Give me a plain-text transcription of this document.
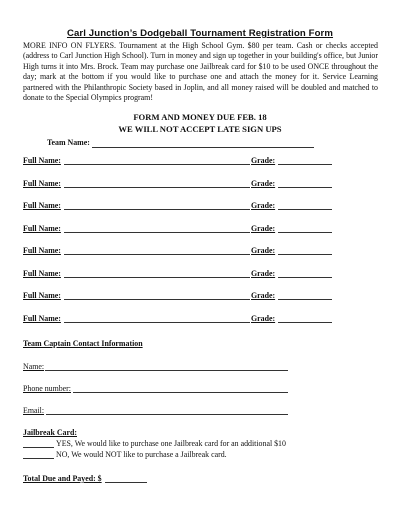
Carl Junction’s Dodgeball Tournament Registration Form

MORE INFO ON FLYERS. Tournament at the High School Gym. $80 per team. Cash or checks accepted (address to Carl Junction High School). Turn in money and sign up together in your building's office, but Junior High turns it into Mrs. Brock. Team may purchase one Jailbreak card for $10 to be used ONCE throughout the day; mark at the bottom if you would like to purchase one and attach the money for it. Service Learning partnered with the Philanthropic Society based in Joplin, and all money raised will be doubled and matched to donate to the Special Olympics program!

FORM AND MONEY DUE FEB. 18
WE WILL NOT ACCEPT LATE SIGN UPS
Team Name:
Full Name:	Grade:
Full Name:	Grade:
Full Name:	Grade:
Full Name:	Grade:
Full Name:	Grade:
Full Name:	Grade:
Full Name:	Grade:
Full Name:	Grade:
Team Captain Contact Information
Name:
Phone number:
Email:
Jailbreak Card:
YES, We would like to purchase one Jailbreak card for an additional $10
NO, We would NOT like to purchase a Jailbreak card.
Total Due and Payed: $
